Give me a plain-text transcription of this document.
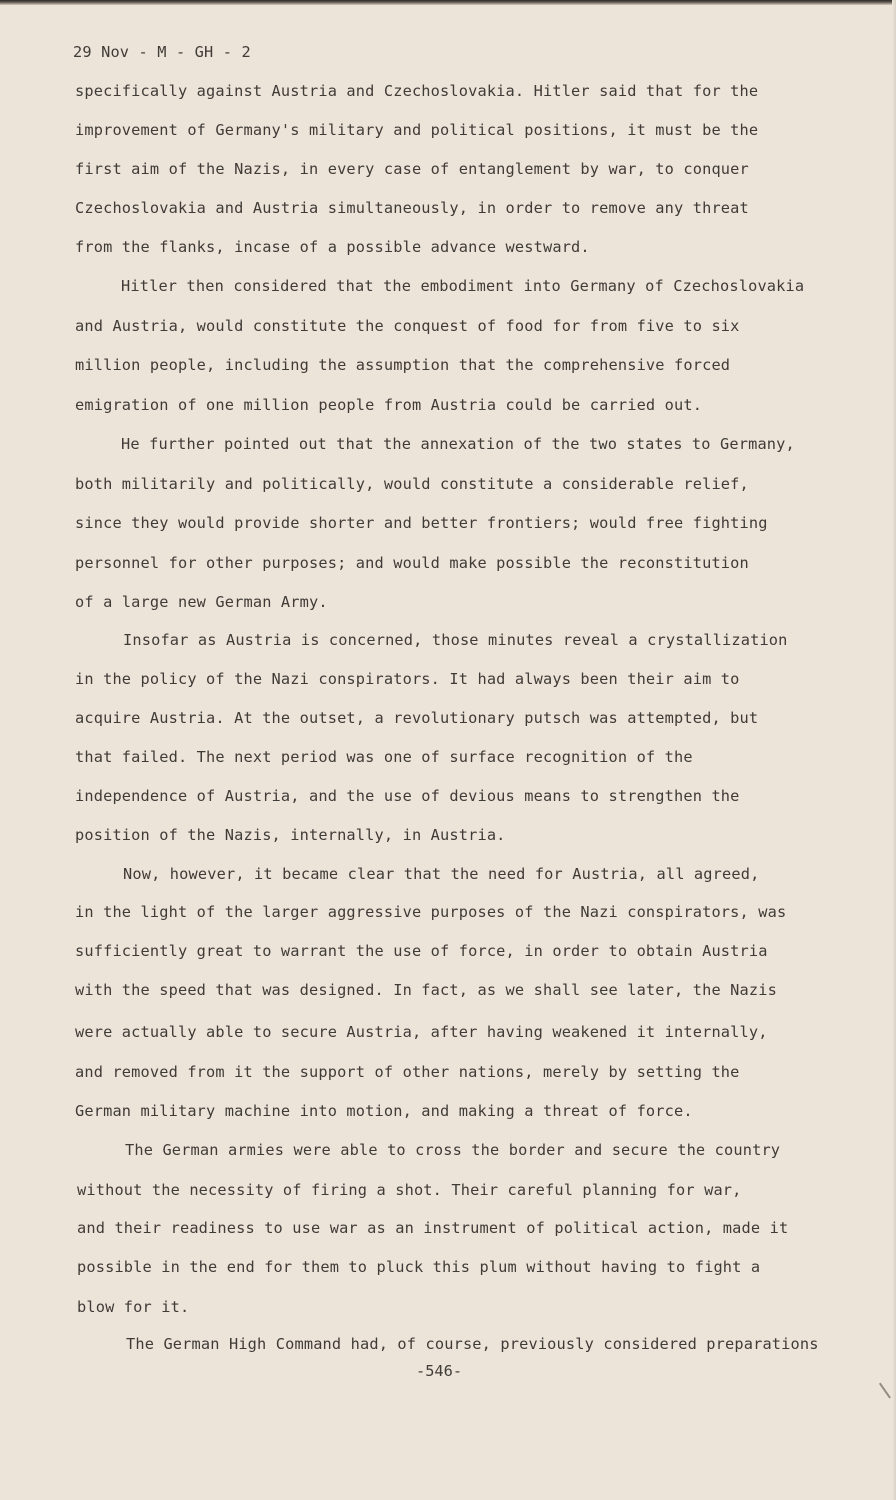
29 Nov - M - GH - 2
specifically against Austria and Czechoslovakia. Hitler said that for the
improvement of Germany's military and political positions, it must be the
first aim of the Nazis, in every case of entanglement by war, to conquer
Czechoslovakia and Austria simultaneously, in order to remove any threat
from the flanks, incase of a possible advance westward.
Hitler then considered that the embodiment into Germany of Czechoslovakia
and Austria, would constitute the conquest of food for from five to six
million people, including the assumption that the comprehensive forced
emigration of one million people from Austria could be carried out.
He further pointed out that the annexation of the two states to Germany,
both militarily and politically, would constitute a considerable relief,
since they would provide shorter and better frontiers; would free fighting
personnel for other purposes; and would make possible the reconstitution
of a large new German Army.
Insofar as Austria is concerned, those minutes reveal a crystallization
in the policy of the Nazi conspirators. It had always been their aim to
acquire Austria. At the outset, a revolutionary putsch was attempted, but
that failed. The next period was one of surface recognition of the
independence of Austria, and the use of devious means to strengthen the
position of the Nazis, internally, in Austria.
Now, however, it became clear that the need for Austria, all agreed,
in the light of the larger aggressive purposes of the Nazi conspirators, was
sufficiently great to warrant the use of force, in order to obtain Austria
with the speed that was designed. In fact, as we shall see later, the Nazis
were actually able to secure Austria, after having weakened it internally,
and removed from it the support of other nations, merely by setting the
German military machine into motion, and making a threat of force.
The German armies were able to cross the border and secure the country
without the necessity of firing a shot. Their careful planning for war,
and their readiness to use war as an instrument of political action, made it
possible in the end for them to pluck this plum without having to fight a
blow for it.
The German High Command had, of course, previously considered preparations
-546-
